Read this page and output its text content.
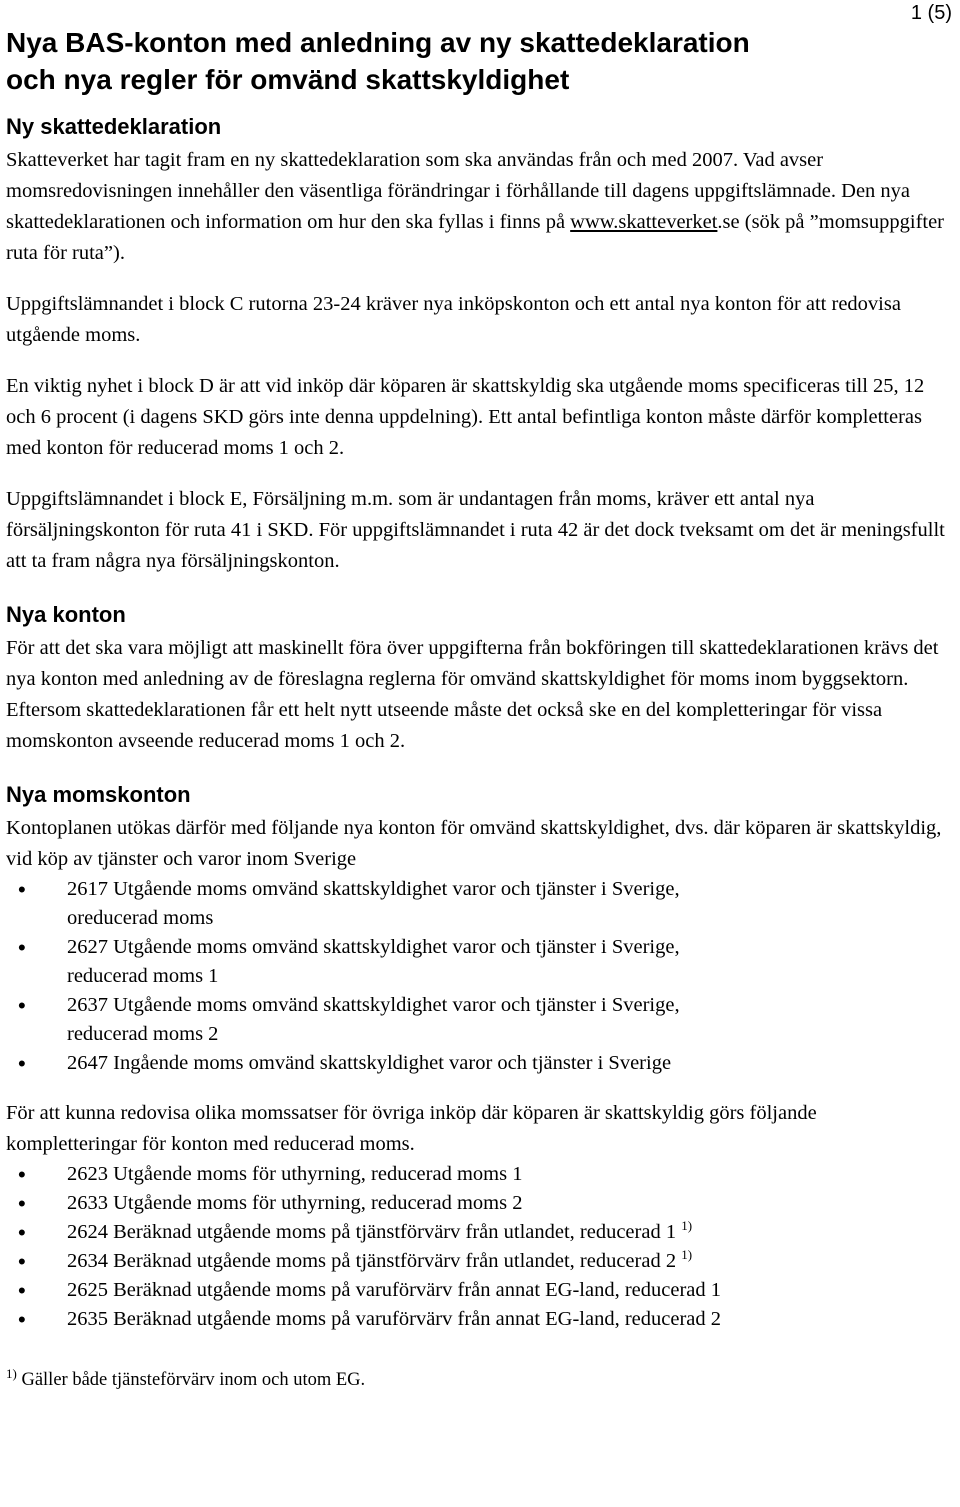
1 (5)
Nya BAS-konton med anledning av ny skattedeklaration
och nya regler för omvänd skattskyldighet
Ny skattedeklaration

Skatteverket har tagit fram en ny skattedeklaration som ska användas från och med 2007. Vad avser momsredovisningen innehåller den väsentliga förändringar i förhållande till dagens uppgiftslämnade. Den nya skattedeklarationen och information om hur den ska fyllas i finns på www.skatteverket.se (sök på ”momsuppgifter ruta för ruta”).

Uppgiftslämnandet i block C rutorna 23-24 kräver nya inköpskonton och ett antal nya konton för att redovisa utgående moms.

En viktig nyhet i block D är att vid inköp där köparen är skattskyldig ska utgående moms specificeras till 25, 12 och 6 procent (i dagens SKD görs inte denna uppdelning). Ett antal befintliga konton måste därför kompletteras med konton för reducerad moms 1 och 2.

Uppgiftslämnandet i block E, Försäljning m.m. som är undantagen från moms, kräver ett antal nya försäljningskonton för ruta 41 i SKD. För uppgiftslämnandet i ruta 42 är det dock tveksamt om det är meningsfullt att ta fram några nya försäljningskonton.

Nya konton

För att det ska vara möjligt att maskinellt föra över uppgifterna från bokföringen till skattedeklarationen krävs det nya konton med anledning av de föreslagna reglerna för omvänd skattskyldighet för moms inom byggsektorn. Eftersom skattedeklarationen får ett helt nytt utseende måste det också ske en del kompletteringar för vissa momskonton avseende reducerad moms 1 och 2.

Nya momskonton

Kontoplanen utökas därför med följande nya konton för omvänd skattskyldighet, dvs. där köparen är skattskyldig, vid köp av tjänster och varor inom Sverige

• 2617 Utgående moms omvänd skattskyldighet varor och tjänster i Sverige,
oreducerad moms
• 2627 Utgående moms omvänd skattskyldighet varor och tjänster i Sverige,
reducerad moms 1
• 2637 Utgående moms omvänd skattskyldighet varor och tjänster i Sverige,
reducerad moms 2
• 2647 Ingående moms omvänd skattskyldighet varor och tjänster i Sverige

För att kunna redovisa olika momssatser för övriga inköp där köparen är skattskyldig görs följande kompletteringar för konton med reducerad moms.

• 2623 Utgående moms för uthyrning, reducerad moms 1
• 2633 Utgående moms för uthyrning, reducerad moms 2
• 2624 Beräknad utgående moms på tjänstförvärv från utlandet, reducerad 1 $^{1)}$
• 2634 Beräknad utgående moms på tjänstförvärv från utlandet, reducerad 2 $^{1)}$
• 2625 Beräknad utgående moms på varuförvärv från annat EG-land, reducerad 1
• 2635 Beräknad utgående moms på varuförvärv från annat EG-land, reducerad 2

$^{1)}$ Gäller både tjänsteförvärv inom och utom EG.
